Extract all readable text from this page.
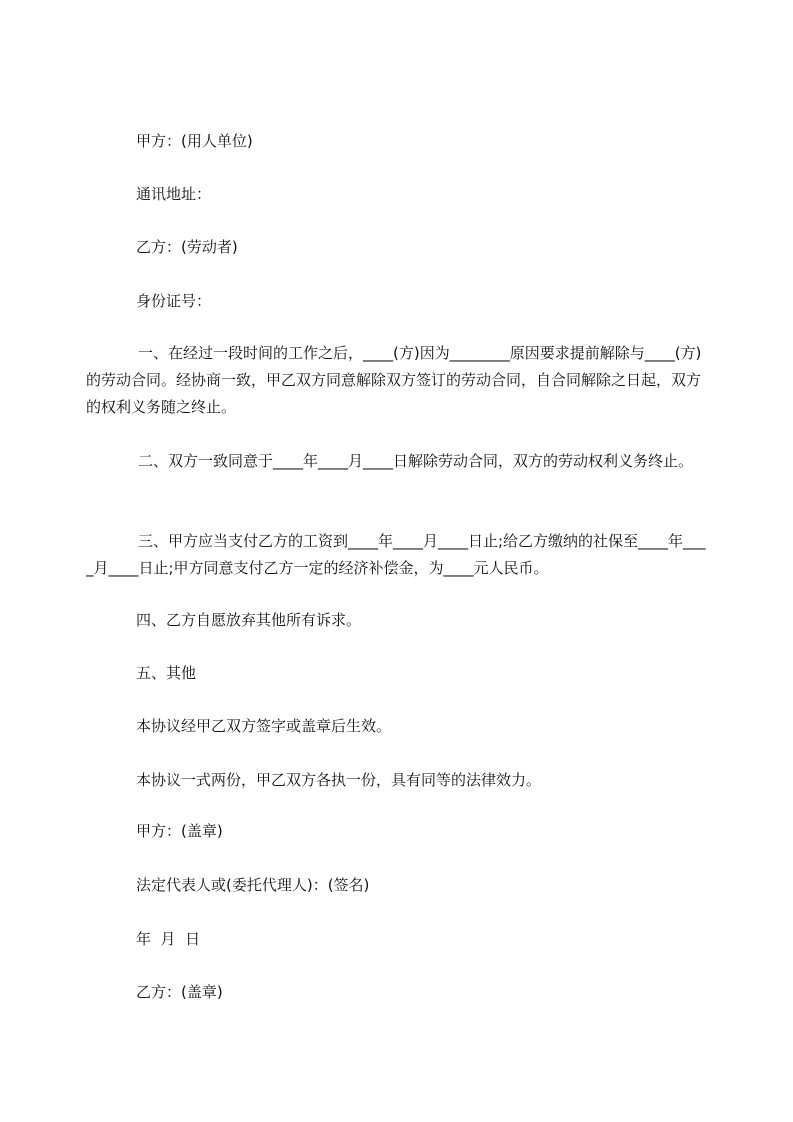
甲方：(用人单位)

通讯地址：

乙方：(劳动者)

身份证号：

一、在经过一段时间的工作之后，____(方)因为________原因要求提前解除与____(方)的劳动合同。经协商一致，甲乙双方同意解除双方签订的劳动合同，自合同解除之日起，双方的权利义务随之终止。

二、双方一致同意于____年____月____日解除劳动合同，双方的劳动权利义务终止。

三、甲方应当支付乙方的工资到____年____月____日止;给乙方缴纳的社保至____年____月____日止;甲方同意支付乙方一定的经济补偿金，为____元人民币。

四、乙方自愿放弃其他所有诉求。

五、其他

本协议经甲乙双方签字或盖章后生效。

本协议一式两份，甲乙双方各执一份，具有同等的法律效力。

甲方：(盖章)

法定代表人或(委托代理人)：(签名)

年  月  日

乙方：(盖章)
